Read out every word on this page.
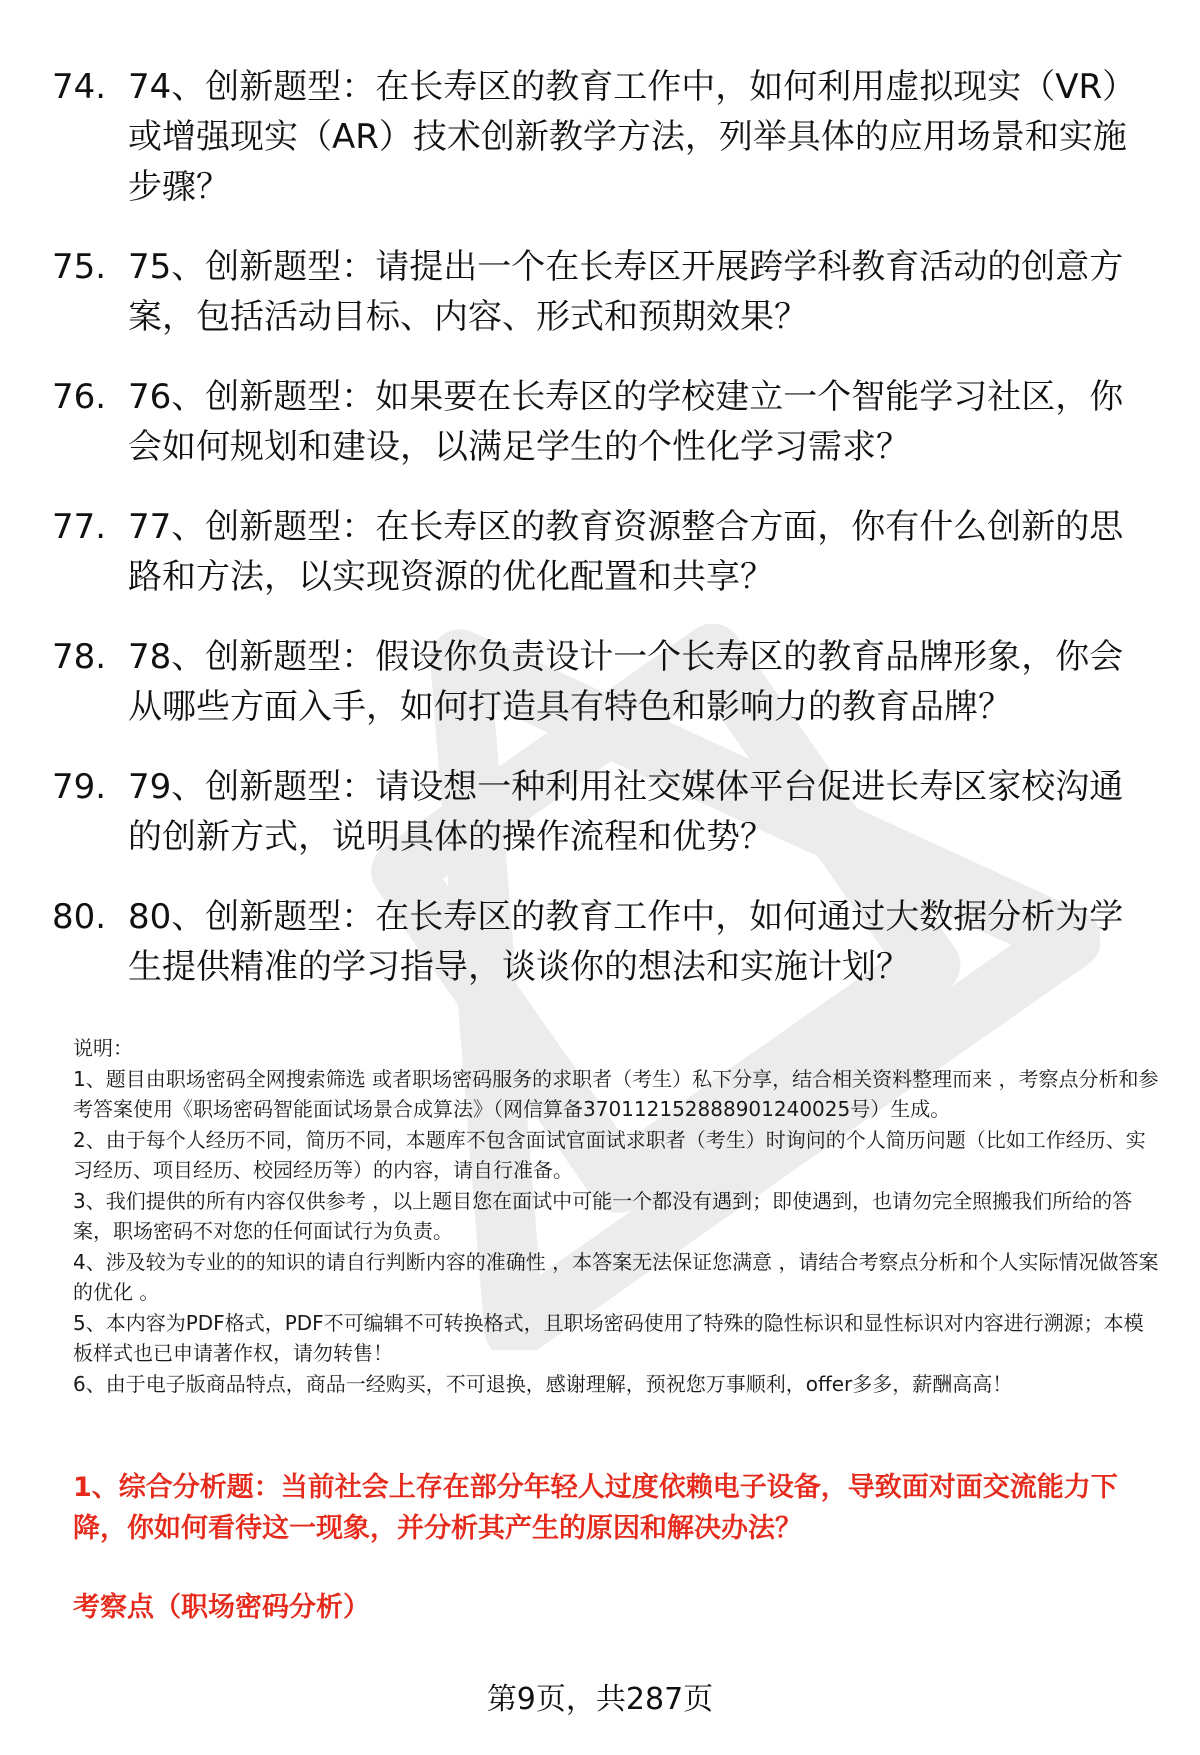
74. 74、创新题型：在长寿区的教育工作中，如何利用虚拟现实（VR）或增强现实（AR）技术创新教学方法，列举具体的应用场景和实施步骤？
75. 75、创新题型：请提出一个在长寿区开展跨学科教育活动的创意方案，包括活动目标、内容、形式和预期效果？
76. 76、创新题型：如果要在长寿区的学校建立一个智能学习社区，你会如何规划和建设，以满足学生的个性化学习需求？
77. 77、创新题型：在长寿区的教育资源整合方面，你有什么创新的思路和方法，以实现资源的优化配置和共享？
78. 78、创新题型：假设你负责设计一个长寿区的教育品牌形象，你会从哪些方面入手，如何打造具有特色和影响力的教育品牌？
79. 79、创新题型：请设想一种利用社交媒体平台促进长寿区家校沟通的创新方式，说明具体的操作流程和优势？
80. 80、创新题型：在长寿区的教育工作中，如何通过大数据分析为学生提供精准的学习指导，谈谈你的想法和实施计划？

说明：

1、题目由职场密码全网搜索筛选 或者职场密码服务的求职者（考生）私下分享，结合相关资料整理而来 ，考察点分析和参考答案使用《职场密码智能面试场景合成算法》（网信算备370112152888901240025号）生成。

2、由于每个人经历不同，简历不同，本题库不包含面试官面试求职者（考生）时询问的个人简历问题（比如工作经历、实习经历、项目经历、校园经历等）的内容，请自行准备。

3、我们提供的所有内容仅供参考 ，以上题目您在面试中可能一个都没有遇到；即使遇到，也请勿完全照搬我们所给的答案，职场密码不对您的任何面试行为负责。

4、涉及较为专业的的知识的请自行判断内容的准确性 ，本答案无法保证您满意 ，请结合考察点分析和个人实际情况做答案的优化 。

5、本内容为PDF格式，PDF不可编辑不可转换格式，且职场密码使用了特殊的隐性标识和显性标识对内容进行溯源；本模板样式也已申请著作权，请勿转售！

6、由于电子版商品特点，商品一经购买，不可退换，感谢理解，预祝您万事顺利，offer多多，薪酬高高！

1、综合分析题：当前社会上存在部分年轻人过度依赖电子设备，导致面对面交流能力下降，你如何看待这一现象，并分析其产生的原因和解决办法？

考察点（职场密码分析）

第9页，共287页
